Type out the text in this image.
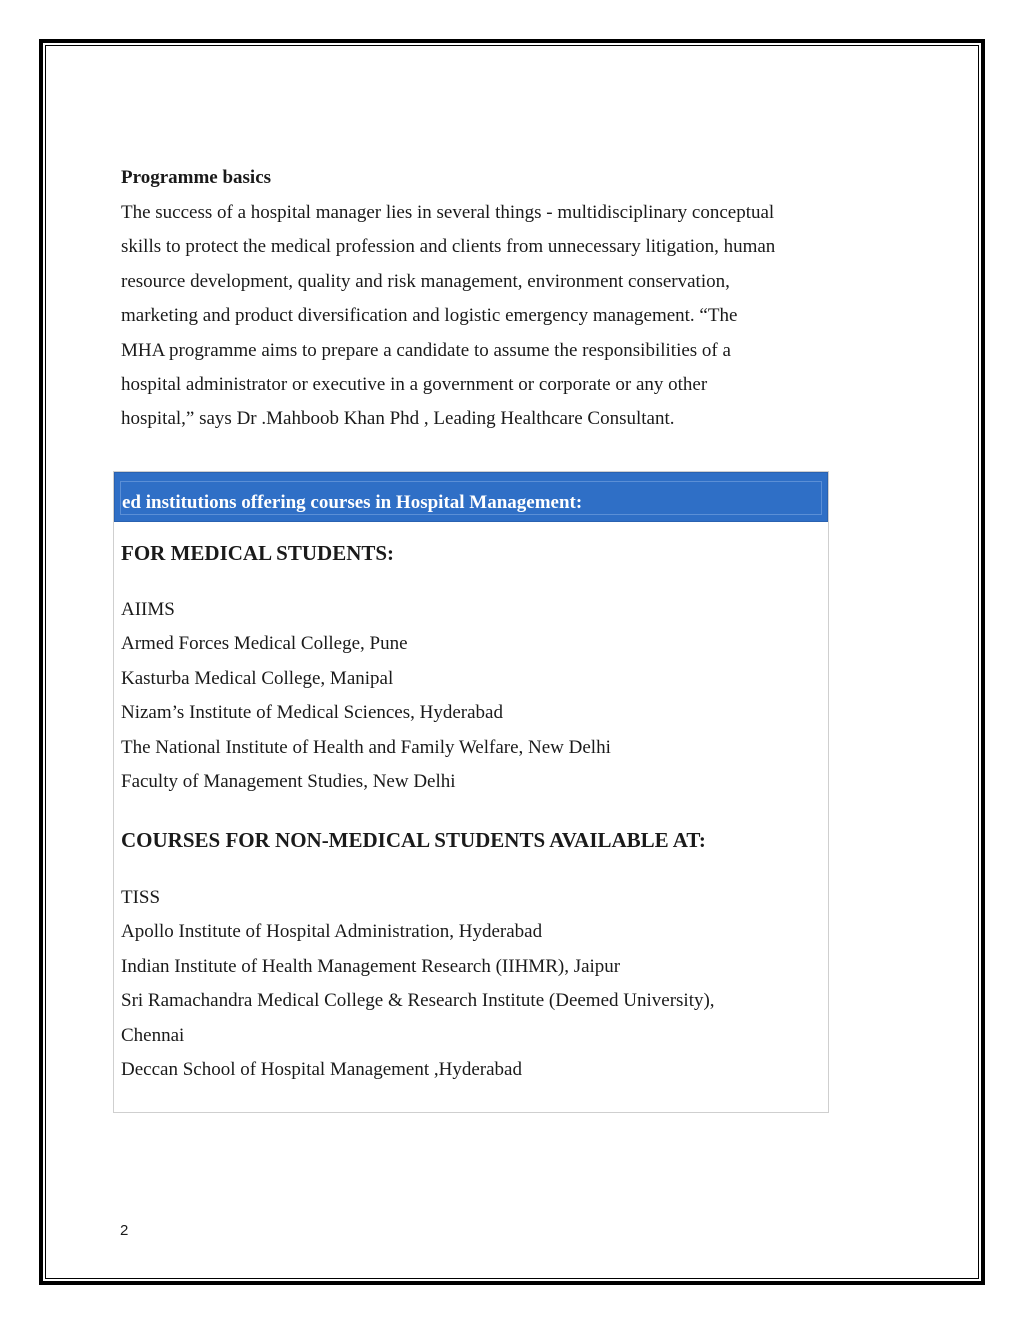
Programme basics

The success of a hospital manager lies in several things - multidisciplinary conceptual
skills to protect the medical profession and clients from unnecessary litigation, human
resource development, quality and risk management, environment conservation,
marketing and product diversification and logistic emergency management. “The
MHA programme aims to prepare a candidate to assume the responsibilities of a
hospital administrator or executive in a government or corporate or any other
hospital,” says Dr .Mahboob Khan Phd , Leading Healthcare Consultant.

ed institutions offering courses in Hospital Management:
FOR MEDICAL STUDENTS:
AIIMS
Armed Forces Medical College, Pune
Kasturba Medical College, Manipal
Nizam’s Institute of Medical Sciences, Hyderabad
The National Institute of Health and Family Welfare, New Delhi
Faculty of Management Studies, New Delhi
COURSES FOR NON-MEDICAL STUDENTS AVAILABLE AT:
TISS
Apollo Institute of Hospital Administration, Hyderabad
Indian Institute of Health Management Research (IIHMR), Jaipur
Sri Ramachandra Medical College & Research Institute (Deemed University),
Chennai
Deccan School of Hospital Management ,Hyderabad
2
